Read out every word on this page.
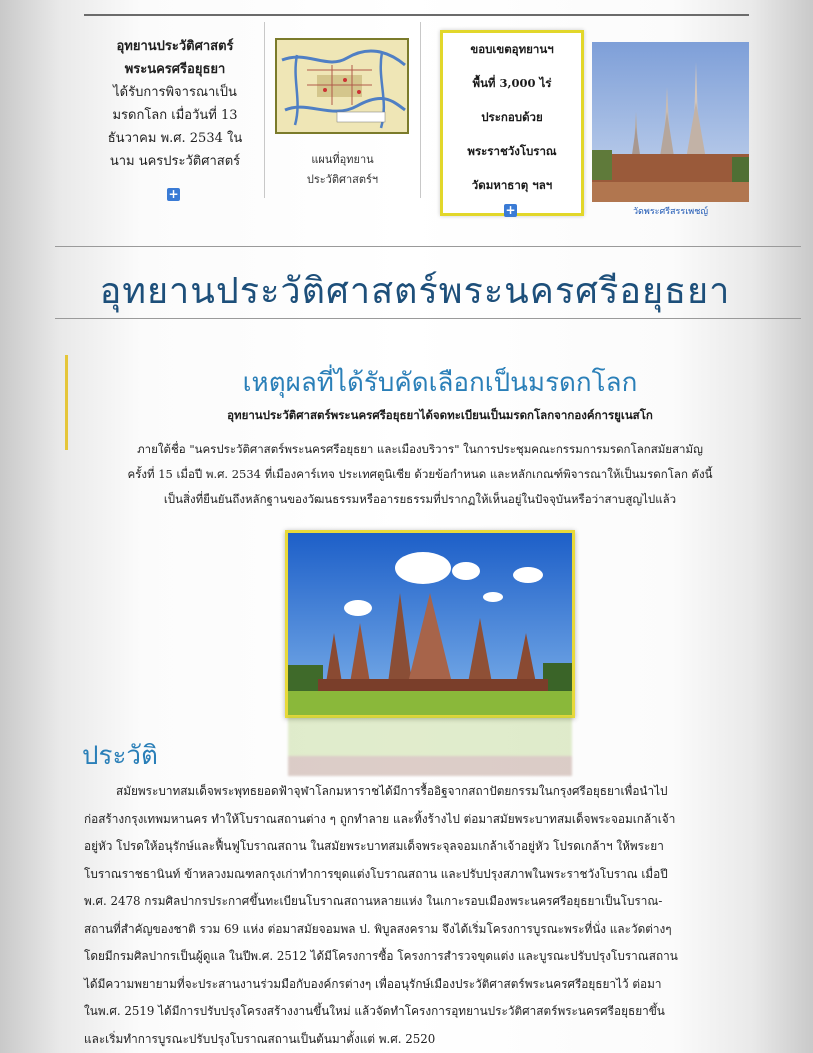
อุทยานประวัติศาสตร์
พระนครศรีอยุธยา
ได้รับการพิจารณาเป็น
มรดกโลก เมื่อวันที่ 13
ธันวาคม พ.ศ. 2534 ใน
นาม นครประวัติศาสตร์
+
แผนที่อุทยาน
ประวัติศาสตร์ฯ
ขอบเขตอุทยานฯ
พื้นที่ 3,000 ไร่
ประกอบด้วย
พระราชวังโบราณ
วัดมหาธาตุ ฯลฯ
+	วัดพระศรีสรรเพชญ์
อุทยานประวัติศาสตร์พระนครศรีอยุธยา
เหตุผลที่ได้รับคัดเลือกเป็นมรดกโลก
อุทยานประวัติศาสตร์พระนครศรีอยุธยาได้จดทะเบียนเป็นมรดกโลกจากองค์การยูเนสโก
ภายใต้ชื่อ "นครประวัติศาสตร์พระนครศรีอยุธยา และเมืองบริวาร" ในการประชุมคณะกรรมการมรดกโลกสมัยสามัญ
ครั้งที่ 15 เมื่อปี พ.ศ. 2534 ที่เมืองคาร์เทจ ประเทศตูนิเซีย ด้วยข้อกำหนด และหลักเกณฑ์พิจารณาให้เป็นมรดกโลก ดังนี้
เป็นสิ่งที่ยืนยันถึงหลักฐานของวัฒนธรรมหรืออารยธรรมที่ปรากฏให้เห็นอยู่ในปัจจุบันหรือว่าสาบสูญไปแล้ว
ประวัติ
สมัยพระบาทสมเด็จพระพุทธยอดฟ้าจุฬาโลกมหาราชได้มีการรื้ออิฐจากสถาปัตยกรรมในกรุงศรีอยุธยาเพื่อนำไป
ก่อสร้างกรุงเทพมหานคร ทำให้โบราณสถานต่าง ๆ ถูกทำลาย และทิ้งร้างไป ต่อมาสมัยพระบาทสมเด็จพระจอมเกล้าเจ้า
อยู่หัว โปรดให้อนุรักษ์และฟื้นฟูโบราณสถาน ในสมัยพระบาทสมเด็จพระจุลจอมเกล้าเจ้าอยู่หัว โปรดเกล้าฯ ให้พระยา
โบราณราชธานินท์ ข้าหลวงมณฑลกรุงเก่าทำการขุดแต่งโบราณสถาน และปรับปรุงสภาพในพระราชวังโบราณ เมื่อปี
พ.ศ. 2478 กรมศิลปากรประกาศขึ้นทะเบียนโบราณสถานหลายแห่ง ในเกาะรอบเมืองพระนครศรีอยุธยาเป็นโบราณ-
สถานที่สำคัญของชาติ รวม 69 แห่ง ต่อมาสมัยจอมพล ป. พิบูลสงคราม จึงได้เริ่มโครงการบูรณะพระที่นั่ง และวัดต่างๆ
โดยมีกรมศิลปากรเป็นผู้ดูแล ในปีพ.ศ. 2512 ได้มีโครงการซื้อ โครงการสำรวจขุดแต่ง และบูรณะปรับปรุงโบราณสถาน
ได้มีความพยายามที่จะประสานงานร่วมมือกับองค์กรต่างๆ เพื่ออนุรักษ์เมืองประวัติศาสตร์พระนครศรีอยุธยาไว้ ต่อมา
ในพ.ศ. 2519 ได้มีการปรับปรุงโครงสร้างงานขึ้นใหม่ แล้วจัดทำโครงการอุทยานประวัติศาสตร์พระนครศรีอยุธยาขึ้น
และเริ่มทำการบูรณะปรับปรุงโบราณสถานเป็นต้นมาตั้งแต่ พ.ศ. 2520
